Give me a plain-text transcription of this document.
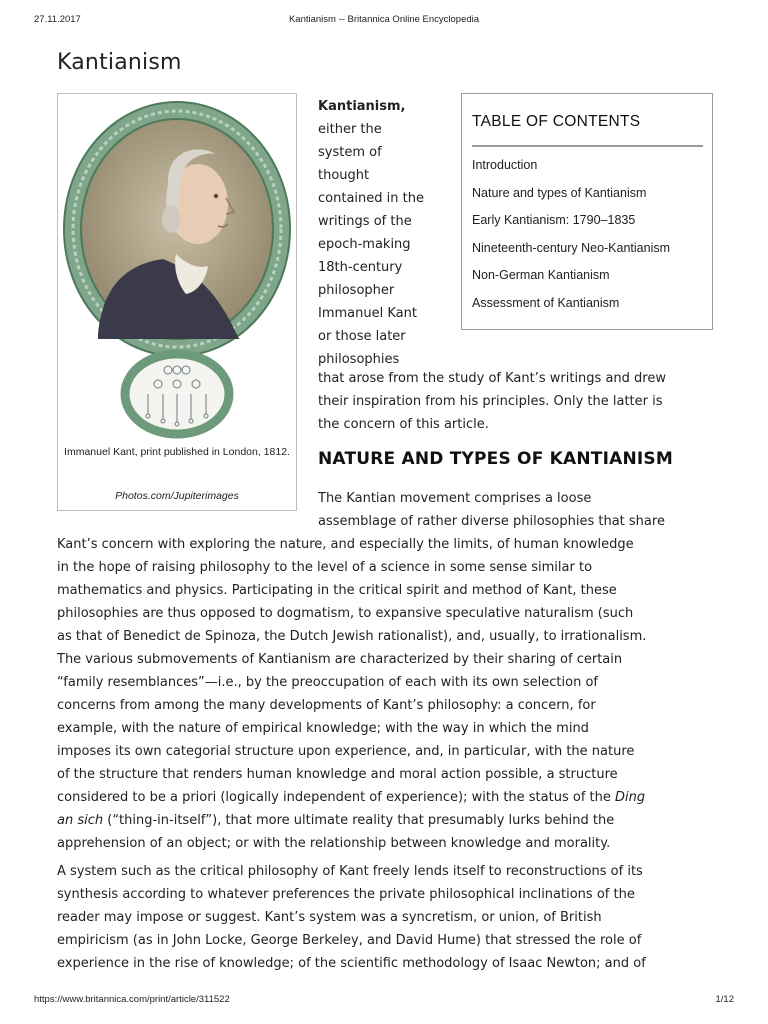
27.11.2017	Kantianism -- Britannica Online Encyclopedia
Kantianism
Immanuel Kant, print published in London, 1812.
Photos.com/Jupiterimages
TABLE OF CONTENTS
Introduction
Nature and types of Kantianism
Early Kantianism: 1790–1835
Nineteenth-century Neo-Kantianism
Non-German Kantianism
Assessment of Kantianism

Kantianism,
either the
system of
thought
contained in the
writings of the
epoch-making
18th-century
philosopher
Immanuel Kant
or those later
philosophies

that arose from the study of Kant’s writings and drew
their inspiration from his principles. Only the latter is
the concern of this article.

NATURE AND TYPES OF KANTIANISM

The Kantian movement comprises a loose
assemblage of rather diverse philosophies that share

Kant’s concern with exploring the nature, and especially the limits, of human knowledge
in the hope of raising philosophy to the level of a science in some sense similar to
mathematics and physics. Participating in the critical spirit and method of Kant, these
philosophies are thus opposed to dogmatism, to expansive speculative naturalism (such
as that of Benedict de Spinoza, the Dutch Jewish rationalist), and, usually, to irrationalism.
The various submovements of Kantianism are characterized by their sharing of certain
“family resemblances”—i.e., by the preoccupation of each with its own selection of
concerns from among the many developments of Kant’s philosophy: a concern, for
example, with the nature of empirical knowledge; with the way in which the mind
imposes its own categorial structure upon experience, and, in particular, with the nature
of the structure that renders human knowledge and moral action possible, a structure
considered to be a priori (logically independent of experience); with the status of the Ding
an sich (“thing-in-itself”), that more ultimate reality that presumably lurks behind the
apprehension of an object; or with the relationship between knowledge and morality.

A system such as the critical philosophy of Kant freely lends itself to reconstructions of its
synthesis according to whatever preferences the private philosophical inclinations of the
reader may impose or suggest. Kant’s system was a syncretism, or union, of British
empiricism (as in John Locke, George Berkeley, and David Hume) that stressed the role of
experience in the rise of knowledge; of the scientific methodology of Isaac Newton; and of

https://www.britannica.com/print/article/311522	1/12
